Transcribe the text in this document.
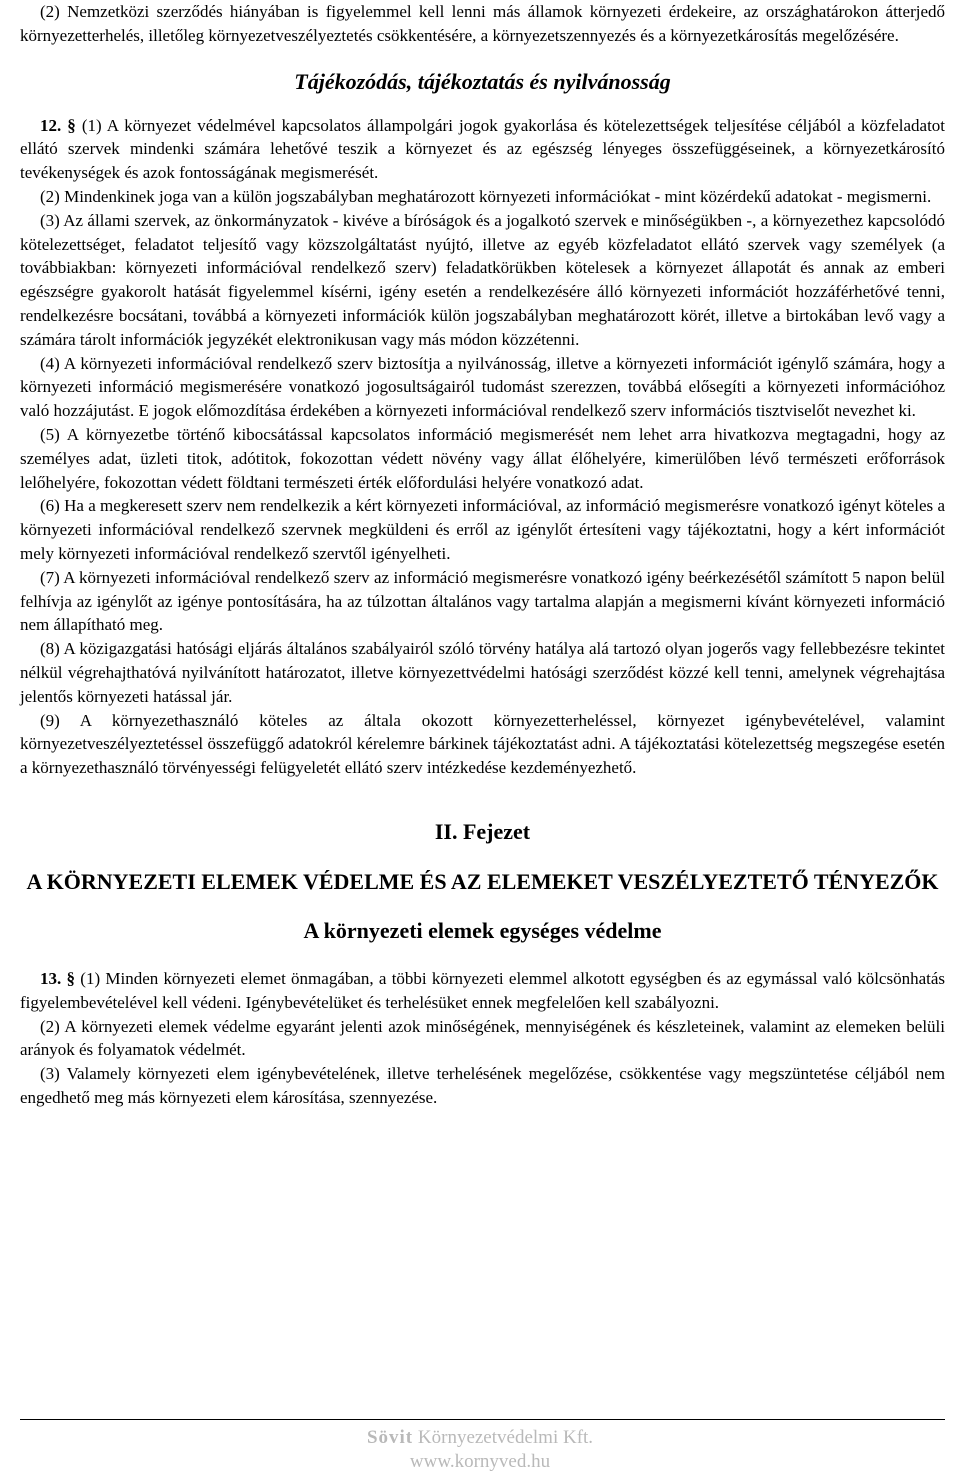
(2) Nemzetközi szerződés hiányában is figyelemmel kell lenni más államok környezeti érdekeire, az országhatárokon átterjedő környezetterhelés, illetőleg környezetveszélyeztetés csökkentésére, a környezetszennyezés és a környezetkárosítás megelőzésére.

Tájékozódás, tájékoztatás és nyilvánosság

12. § (1) A környezet védelmével kapcsolatos állampolgári jogok gyakorlása és kötelezettségek teljesítése céljából a közfeladatot ellátó szervek mindenki számára lehetővé teszik a környezet és az egészség lényeges összefüggéseinek, a környezetkárosító tevékenységek és azok fontosságának megismerését.

(2) Mindenkinek joga van a külön jogszabályban meghatározott környezeti információkat - mint közérdekű adatokat - megismerni.

(3) Az állami szervek, az önkormányzatok - kivéve a bíróságok és a jogalkotó szervek e minőségükben -, a környezethez kapcsolódó kötelezettséget, feladatot teljesítő vagy közszolgáltatást nyújtó, illetve az egyéb közfeladatot ellátó szervek vagy személyek (a továbbiakban: környezeti információval rendelkező szerv) feladatkörükben kötelesek a környezet állapotát és annak az emberi egészségre gyakorolt hatását figyelemmel kísérni, igény esetén a rendelkezésére álló környezeti információt hozzáférhetővé tenni, rendelkezésre bocsátani, továbbá a környezeti információk külön jogszabályban meghatározott körét, illetve a birtokában levő vagy a számára tárolt információk jegyzékét elektronikusan vagy más módon közzétenni.

(4) A környezeti információval rendelkező szerv biztosítja a nyilvánosság, illetve a környezeti információt igénylő számára, hogy a környezeti információ megismerésére vonatkozó jogosultságairól tudomást szerezzen, továbbá elősegíti a környezeti információhoz való hozzájutást. E jogok előmozdítása érdekében a környezeti információval rendelkező szerv információs tisztviselőt nevezhet ki.

(5) A környezetbe történő kibocsátással kapcsolatos információ megismerését nem lehet arra hivatkozva megtagadni, hogy az személyes adat, üzleti titok, adótitok, fokozottan védett növény vagy állat élőhelyére, kimerülőben lévő természeti erőforrások lelőhelyére, fokozottan védett földtani természeti érték előfordulási helyére vonatkozó adat.

(6) Ha a megkeresett szerv nem rendelkezik a kért környezeti információval, az információ megismerésre vonatkozó igényt köteles a környezeti információval rendelkező szervnek megküldeni és erről az igénylőt értesíteni vagy tájékoztatni, hogy a kért információt mely környezeti információval rendelkező szervtől igényelheti.

(7) A környezeti információval rendelkező szerv az információ megismerésre vonatkozó igény beérkezésétől számított 5 napon belül felhívja az igénylőt az igénye pontosítására, ha az túlzottan általános vagy tartalma alapján a megismerni kívánt környezeti információ nem állapítható meg.

(8) A közigazgatási hatósági eljárás általános szabályairól szóló törvény hatálya alá tartozó olyan jogerős vagy fellebbezésre tekintet nélkül végrehajthatóvá nyilvánított határozatot, illetve környezettvédelmi hatósági szerződést közzé kell tenni, amelynek végrehajtása jelentős környezeti hatással jár.

(9) A környezethasználó köteles az általa okozott környezetterheléssel, környezet igénybevételével, valamint környezetveszélyeztetéssel összefüggő adatokról kérelemre bárkinek tájékoztatást adni. A tájékoztatási kötelezettség megszegése esetén a környezethasználó törvényességi felügyeletét ellátó szerv intézkedése kezdeményezhető.

II. Fejezet
A KÖRNYEZETI ELEMEK VÉDELME ÉS AZ ELEMEKET VESZÉLYEZTETŐ TÉNYEZŐK
A környezeti elemek egységes védelme

13. § (1) Minden környezeti elemet önmagában, a többi környezeti elemmel alkotott egységben és az egymással való kölcsönhatás figyelembevételével kell védeni. Igénybevételüket és terhelésüket ennek megfelelően kell szabályozni.

(2) A környezeti elemek védelme egyaránt jelenti azok minőségének, mennyiségének és készleteinek, valamint az elemeken belüli arányok és folyamatok védelmét.

(3) Valamely környezeti elem igénybevételének, illetve terhelésének megelőzése, csökkentése vagy megszüntetése céljából nem engedhető meg más környezeti elem károsítása, szennyezése.

Sövit Környezetvédelmi Kft.
www.kornyved.hu
